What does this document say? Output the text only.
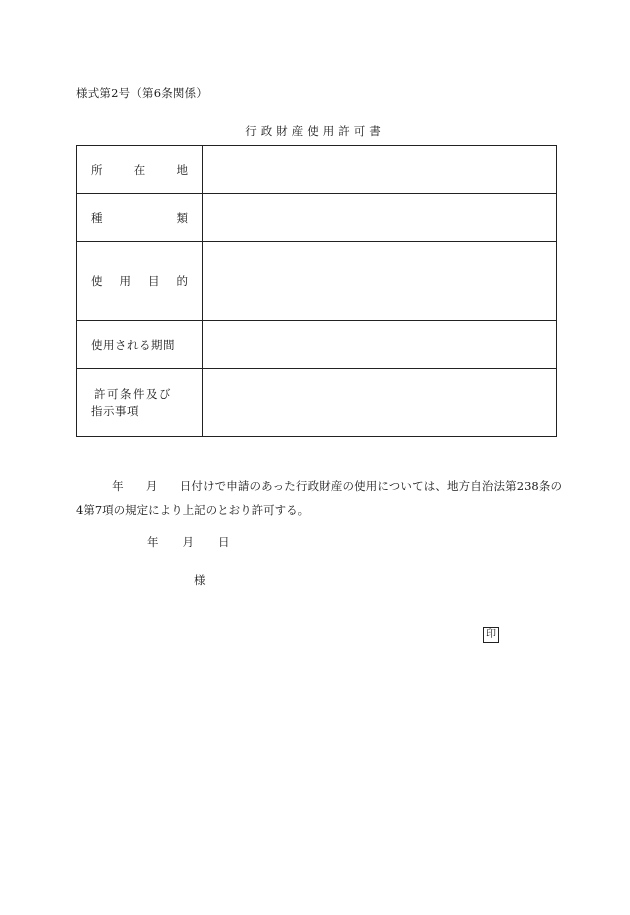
様式第2号（第6条関係）
行政財産使用許可書
所 在 地	

種 類	

使 用 目 的	

使用される期間	

許可条件及び
指示事項	

年 月 日付けで申請のあった行政財産の使用については、地方自治法第238条の4第7項の規定により上記のとおり許可する。
年 月 日
様
印
